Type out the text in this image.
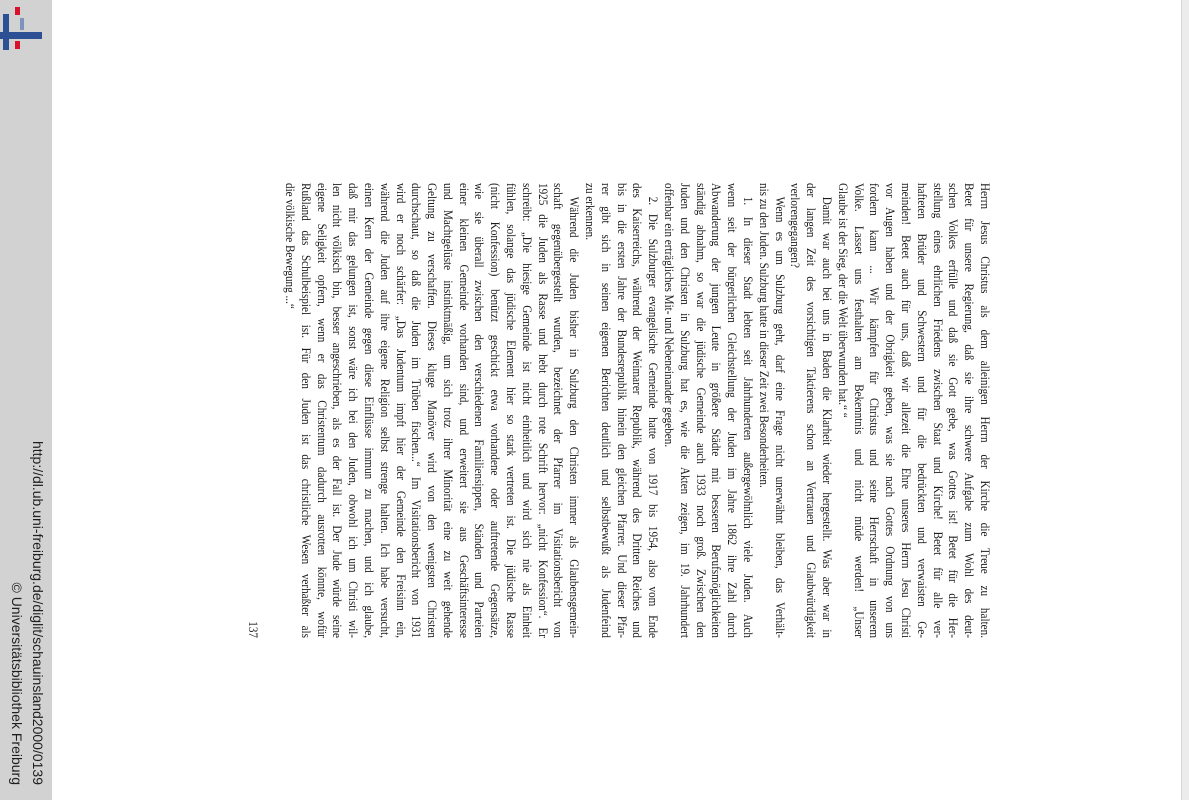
http://dl.ub.uni-freiburg.de/diglit/schauinsland2000/0139
© Universitätsbibliothek Freiburg
Herrn Jesus Christus als dem alleinigen Herrn der Kirche die Treue zu halten.
Betet für unsere Regierung, daß sie ihre schwere Aufgabe zum Wohl des deut-
schen Volkes erfülle und daß sie Gott gebe, was Gottes ist! Betet für die Her-
stellung eines ehrlichen Friedens zwischen Staat und Kirche! Betet für alle ver-
hafteten Brüder und Schwestern und für die bedrückten und verwaisten Ge-
meinden! Betet auch für uns, daß wir allezeit die Ehre unseres Herrn Jesu Christi
vor Augen haben und der Obrigkeit geben, was sie nach Gottes Ordnung von uns
fordern kann ... Wir kämpfen für Christus und seine Herrschaft in unserem
Volke. Lasset uns festhalten am Bekenntnis und nicht müde werden! „Unser
Glaube ist der Sieg, der die Welt überwunden hat.“ “
Damit war auch bei uns in Baden die Klarheit wieder hergestellt. Was aber war in
der langen Zeit des vorsichtigen Taktierens schon an Vertrauen und Glaubwürdigkeit
verlorengegangen?
Wenn es um Sulzburg geht, darf eine Frage nicht unerwähnt bleiben, das Verhält-
nis zu den Juden. Sulzburg hatte in dieser Zeit zwei Besonderheiten.
1. In dieser Stadt lebten seit Jahrhunderten außergewöhnlich viele Juden. Auch
wenn seit der bürgerlichen Gleichstellung der Juden im Jahre 1862 ihre Zahl durch
Abwanderung der jungen Leute in größere Städte mit besseren Berufsmöglichkeiten
ständig abnahm, so war die jüdische Gemeinde auch 1933 noch groß. Zwischen den
Juden und den Christen in Sulzburg hat es, wie die Akten zeigen, im 19. Jahrhundert
offenbar ein erträgliches Mit- und Nebeneinander gegeben.
2. Die Sulzburger evangelische Gemeinde hatte von 1917 bis 1954, also vom Ende
des Kaiserreichs, während der Weimarer Republik, während des Dritten Reiches und
bis in die ersten Jahre der Bundesrepublik hinein den gleichen Pfarrer. Und dieser Pfar-
rer gibt sich in seinen eigenen Berichten deutlich und selbstbewußt als Judenfeind
zu erkennen.
Während die Juden bisher in Sulzburg den Christen immer als Glaubensgemein-
schaft gegenübergestellt wurden, bezeichnet der Pfarrer im Visitationsbericht von
1925 die Juden als Rasse und hebt durch rote Schrift hervor: „nicht Konfession“. Er
schreibt: „Die hiesige Gemeinde ist nicht einheitlich und wird sich nie als Einheit
fühlen, solange das jüdische Element hier so stark vertreten ist. Die jüdische Rasse
(nicht Konfession) benützt geschickt etwa vorhandene oder auftretende Gegensätze,
wie sie überall zwischen den verschiedenen Familiensippen, Ständen und Parteien
einer kleinen Gemeinde vorhanden sind, und erweitert sie aus Geschäftsinteresse
und Machtgelüste instinktmäßig, um sich trotz ihrer Minorität eine zu weit gehende
Geltung zu verschaffen. Dieses kluge Manöver wird von den wenigsten Christen
durchschaut, so daß die Juden im Trüben fischen...“ Im Visitationsbericht von 1931
wird er noch schärfer: „Das Judentum impft hier der Gemeinde den Freisinn ein,
während die Juden auf ihre eigene Religion selbst strenge halten. Ich habe versucht,
einen Kern der Gemeinde gegen diese Einflüsse immun zu machen, und ich glaube,
daß mir das gelungen ist, sonst wäre ich bei den Juden, obwohl ich um Christi wil-
len nicht völkisch bin, besser angeschrieben, als es der Fall ist. Der Jude würde seine
eigene Seligkeit opfern, wenn er das Christentum dadurch ausrotten könnte, wofür
Rußland das Schulbeispiel ist. Für den Juden ist das christliche Wesen verhaßter als
die völkische Bewegung ...“
137
